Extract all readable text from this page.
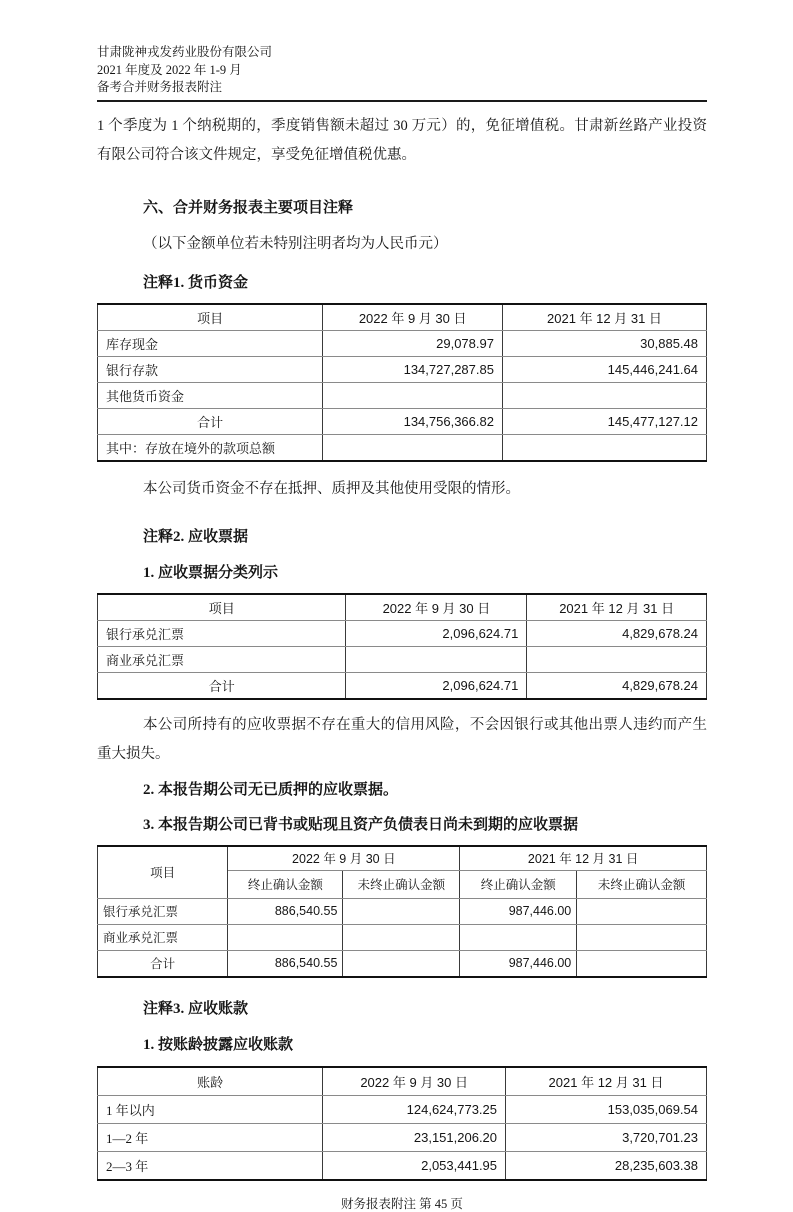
甘肃陇神戎发药业股份有限公司
2021 年度及 2022 年 1-9 月
备考合并财务报表附注

1 个季度为 1 个纳税期的，季度销售额未超过 30 万元）的，免征增值税。甘肃新丝路产业投资有限公司符合该文件规定，享受免征增值税优惠。

六、合并财务报表主要项目注释

（以下金额单位若未特别注明者均为人民币元）

注释1. 货币资金

项目	2022 年 9 月 30 日	2021 年 12 月 31 日
库存现金	29,078.97	30,885.48
银行存款	134,727,287.85	145,446,241.64
其他货币资金		
合计	134,756,366.82	145,477,127.12
其中：存放在境外的款项总额		

本公司货币资金不存在抵押、质押及其他使用受限的情形。

注释2. 应收票据

1. 应收票据分类列示

项目	2022 年 9 月 30 日	2021 年 12 月 31 日
银行承兑汇票	2,096,624.71	4,829,678.24
商业承兑汇票		
合计	2,096,624.71	4,829,678.24

本公司所持有的应收票据不存在重大的信用风险，不会因银行或其他出票人违约而产生重大损失。

2. 本报告期公司无已质押的应收票据。

3. 本报告期公司已背书或贴现且资产负债表日尚未到期的应收票据

项目	2022 年 9 月 30 日		2021 年 12 月 31 日	
	终止确认金额	未终止确认金额	终止确认金额	未终止确认金额
银行承兑汇票	886,540.55		987,446.00	
商业承兑汇票				
合计	886,540.55		987,446.00	

注释3. 应收账款

1. 按账龄披露应收账款

账龄	2022 年 9 月 30 日	2021 年 12 月 31 日
1 年以内	124,624,773.25	153,035,069.54
1—2 年	23,151,206.20	3,720,701.23
2—3 年	2,053,441.95	28,235,603.38
财务报表附注 第 45 页
